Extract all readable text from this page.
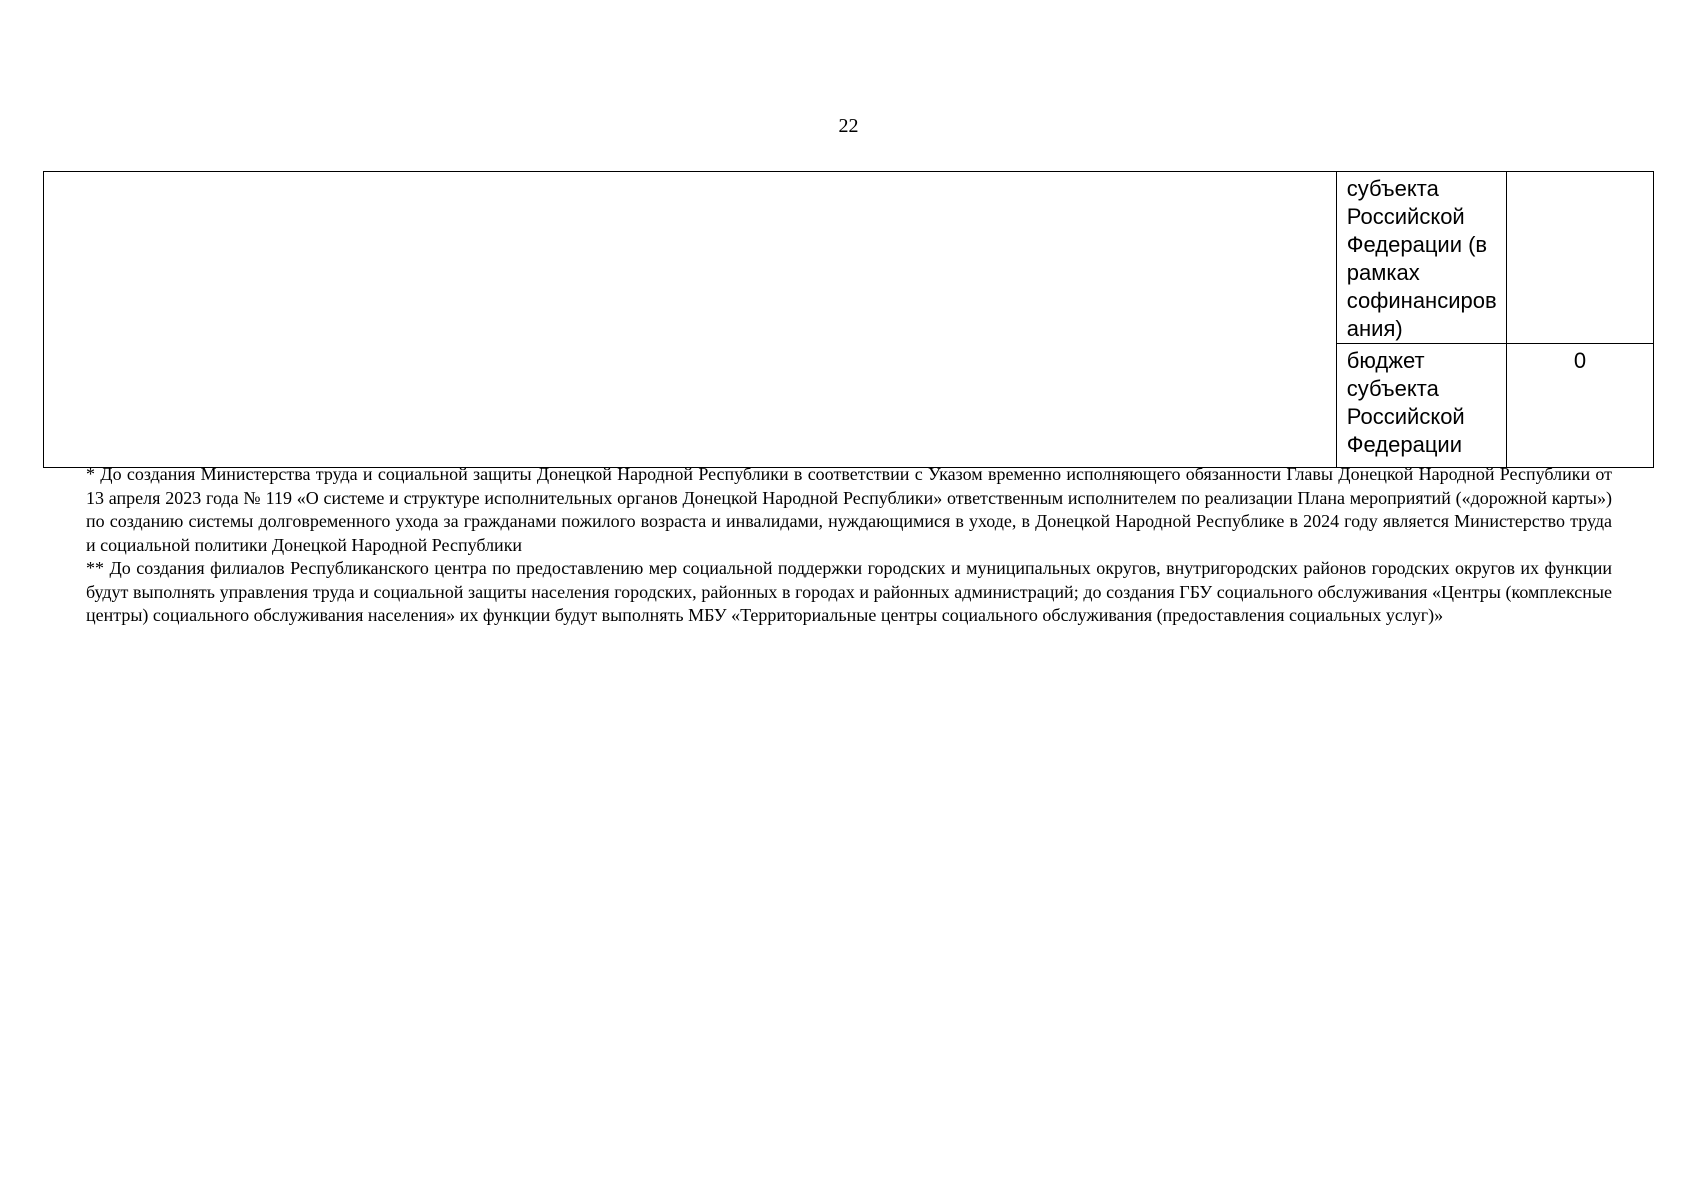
22
	субъекта Российской Федерации (в рамках софинансиров ания)	
	бюджет субъекта Российской Федерации	0

* До создания Министерства труда и социальной защиты Донецкой Народной Республики в соответствии с Указом временно исполняющего обязанности Главы Донецкой Народной Республики от 13 апреля 2023 года № 119 «О системе и структуре исполнительных органов Донецкой Народной Республики» ответственным исполнителем по реализации Плана мероприятий («дорожной карты») по созданию системы долговременного ухода за гражданами пожилого возраста и инвалидами, нуждающимися в уходе, в Донецкой Народной Республике в 2024 году является Министерство труда и социальной политики Донецкой Народной Республики

** До создания филиалов Республиканского центра по предоставлению мер социальной поддержки городских и муниципальных округов, внутригородских районов городских округов их функции будут выполнять управления труда и социальной защиты населения городских, районных в городах и районных администраций; до создания ГБУ социального обслуживания «Центры (комплексные центры) социального обслуживания населения» их функции будут выполнять МБУ «Территориальные центры социального обслуживания (предоставления социальных услуг)»
